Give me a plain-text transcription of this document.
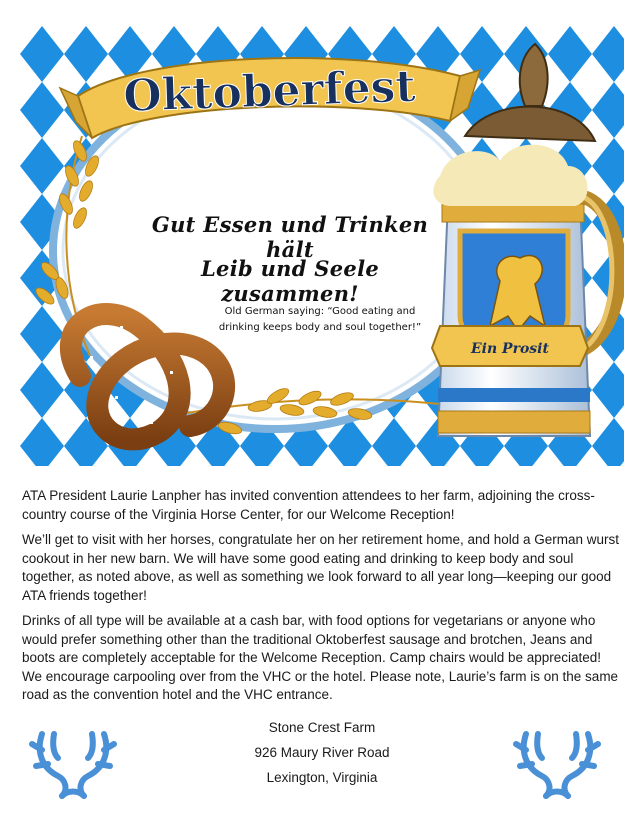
Ein Prosit
Oktoberfest
Gut Essen und Trinken hält
Leib und Seele zusammen!
Old German saying: “Good eating and
drinking keeps body and soul together!”

ATA President Laurie Lanpher has invited convention attendees to her farm, adjoining the cross-country course of the Virginia Horse Center, for our Welcome Reception!

We’ll get to visit with her horses, congratulate her on her retirement home, and hold a German wurst cookout in her new barn. We will have some good eating and drinking to keep body and soul together, as noted above, as well as something we look forward to all year long—keeping our good ATA friends together!

Drinks of all type will be available at a cash bar, with food options for vegetarians or anyone who would prefer something other than the traditional Oktoberfest sausage and brotchen, Jeans and boots are completely acceptable for the Welcome Reception. Camp chairs would be appreciated! We encourage carpooling over from the VHC or the hotel. Please note, Laurie’s farm is on the same road as the convention hotel and the VHC entrance.

Stone Crest Farm
926 Maury River Road
Lexington, Virginia
